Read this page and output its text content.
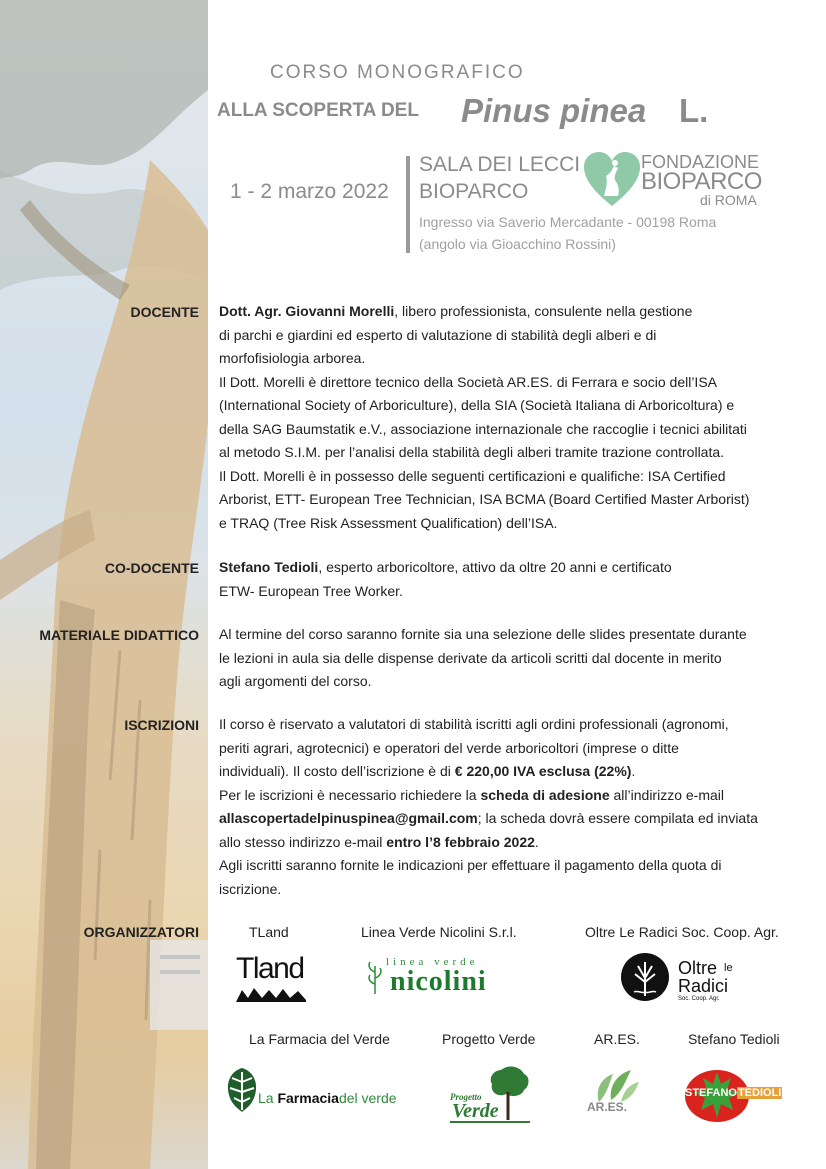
CORSO MONOGRAFICO
ALLA SCOPERTA DEL Pinus pinea L.
1 - 2 marzo 2022
SALA DEI LECCI
BIOPARCO
Ingresso via Saverio Mercadante - 00198 Roma
(angolo via Gioacchino Rossini)
FONDAZIONE
BIOPARCO
di ROMA
DOCENTE Dott. Agr. Giovanni Morelli, libero professionista, consulente nella gestione
di parchi e giardini ed esperto di valutazione di stabilità degli alberi e di
morfofisiologia arborea.
Il Dott. Morelli è direttore tecnico della Società AR.ES. di Ferrara e socio dell’ISA
(International Society of Arboriculture), della SIA (Società Italiana di Arboricoltura) e
della SAG Baumstatik e.V., associazione internazionale che raccoglie i tecnici abilitati
al metodo S.I.M. per l’analisi della stabilità degli alberi tramite trazione controllata.
Il Dott. Morelli è in possesso delle seguenti certificazioni e qualifiche: ISA Certified
Arborist, ETT- European Tree Technician, ISA BCMA (Board Certified Master Arborist)
e TRAQ (Tree Risk Assessment Qualification) dell’ISA.
CO-DOCENTE Stefano Tedioli, esperto arboricoltore, attivo da oltre 20 anni e certificato
ETW- European Tree Worker.
MATERIALE DIDATTICO Al termine del corso saranno fornite sia una selezione delle slides presentate durante
le lezioni in aula sia delle dispense derivate da articoli scritti dal docente in merito
agli argomenti del corso.
ISCRIZIONI Il corso è riservato a valutatori di stabilità iscritti agli ordini professionali (agronomi,
periti agrari, agrotecnici) e operatori del verde arboricoltori (imprese o ditte
individuali). Il costo dell’iscrizione è di € 220,00 IVA esclusa (22%).
Per le iscrizioni è necessario richiedere la scheda di adesione all’indirizzo e-mail
allascopertadelpinuspinea@gmail.com; la scheda dovrà essere compilata ed inviata
allo stesso indirizzo e-mail entro l’8 febbraio 2022.
Agli iscritti saranno fornite le indicazioni per effettuare il pagamento della quota di
iscrizione.
ORGANIZZATORI	TLand	Linea Verde Nicolini S.r.l.	Oltre Le Radici Soc. Coop. Agr.
La Farmacia del Verde	Progetto Verde	AR.ES.	Stefano Tedioli
Tland	linea verde
nicolini	Oltre le
Radici
Soc. Coop. Agr.
La Farmaciadel verde	Progetto
Verde	AR.ES.
STEFANOTEDIOLI
